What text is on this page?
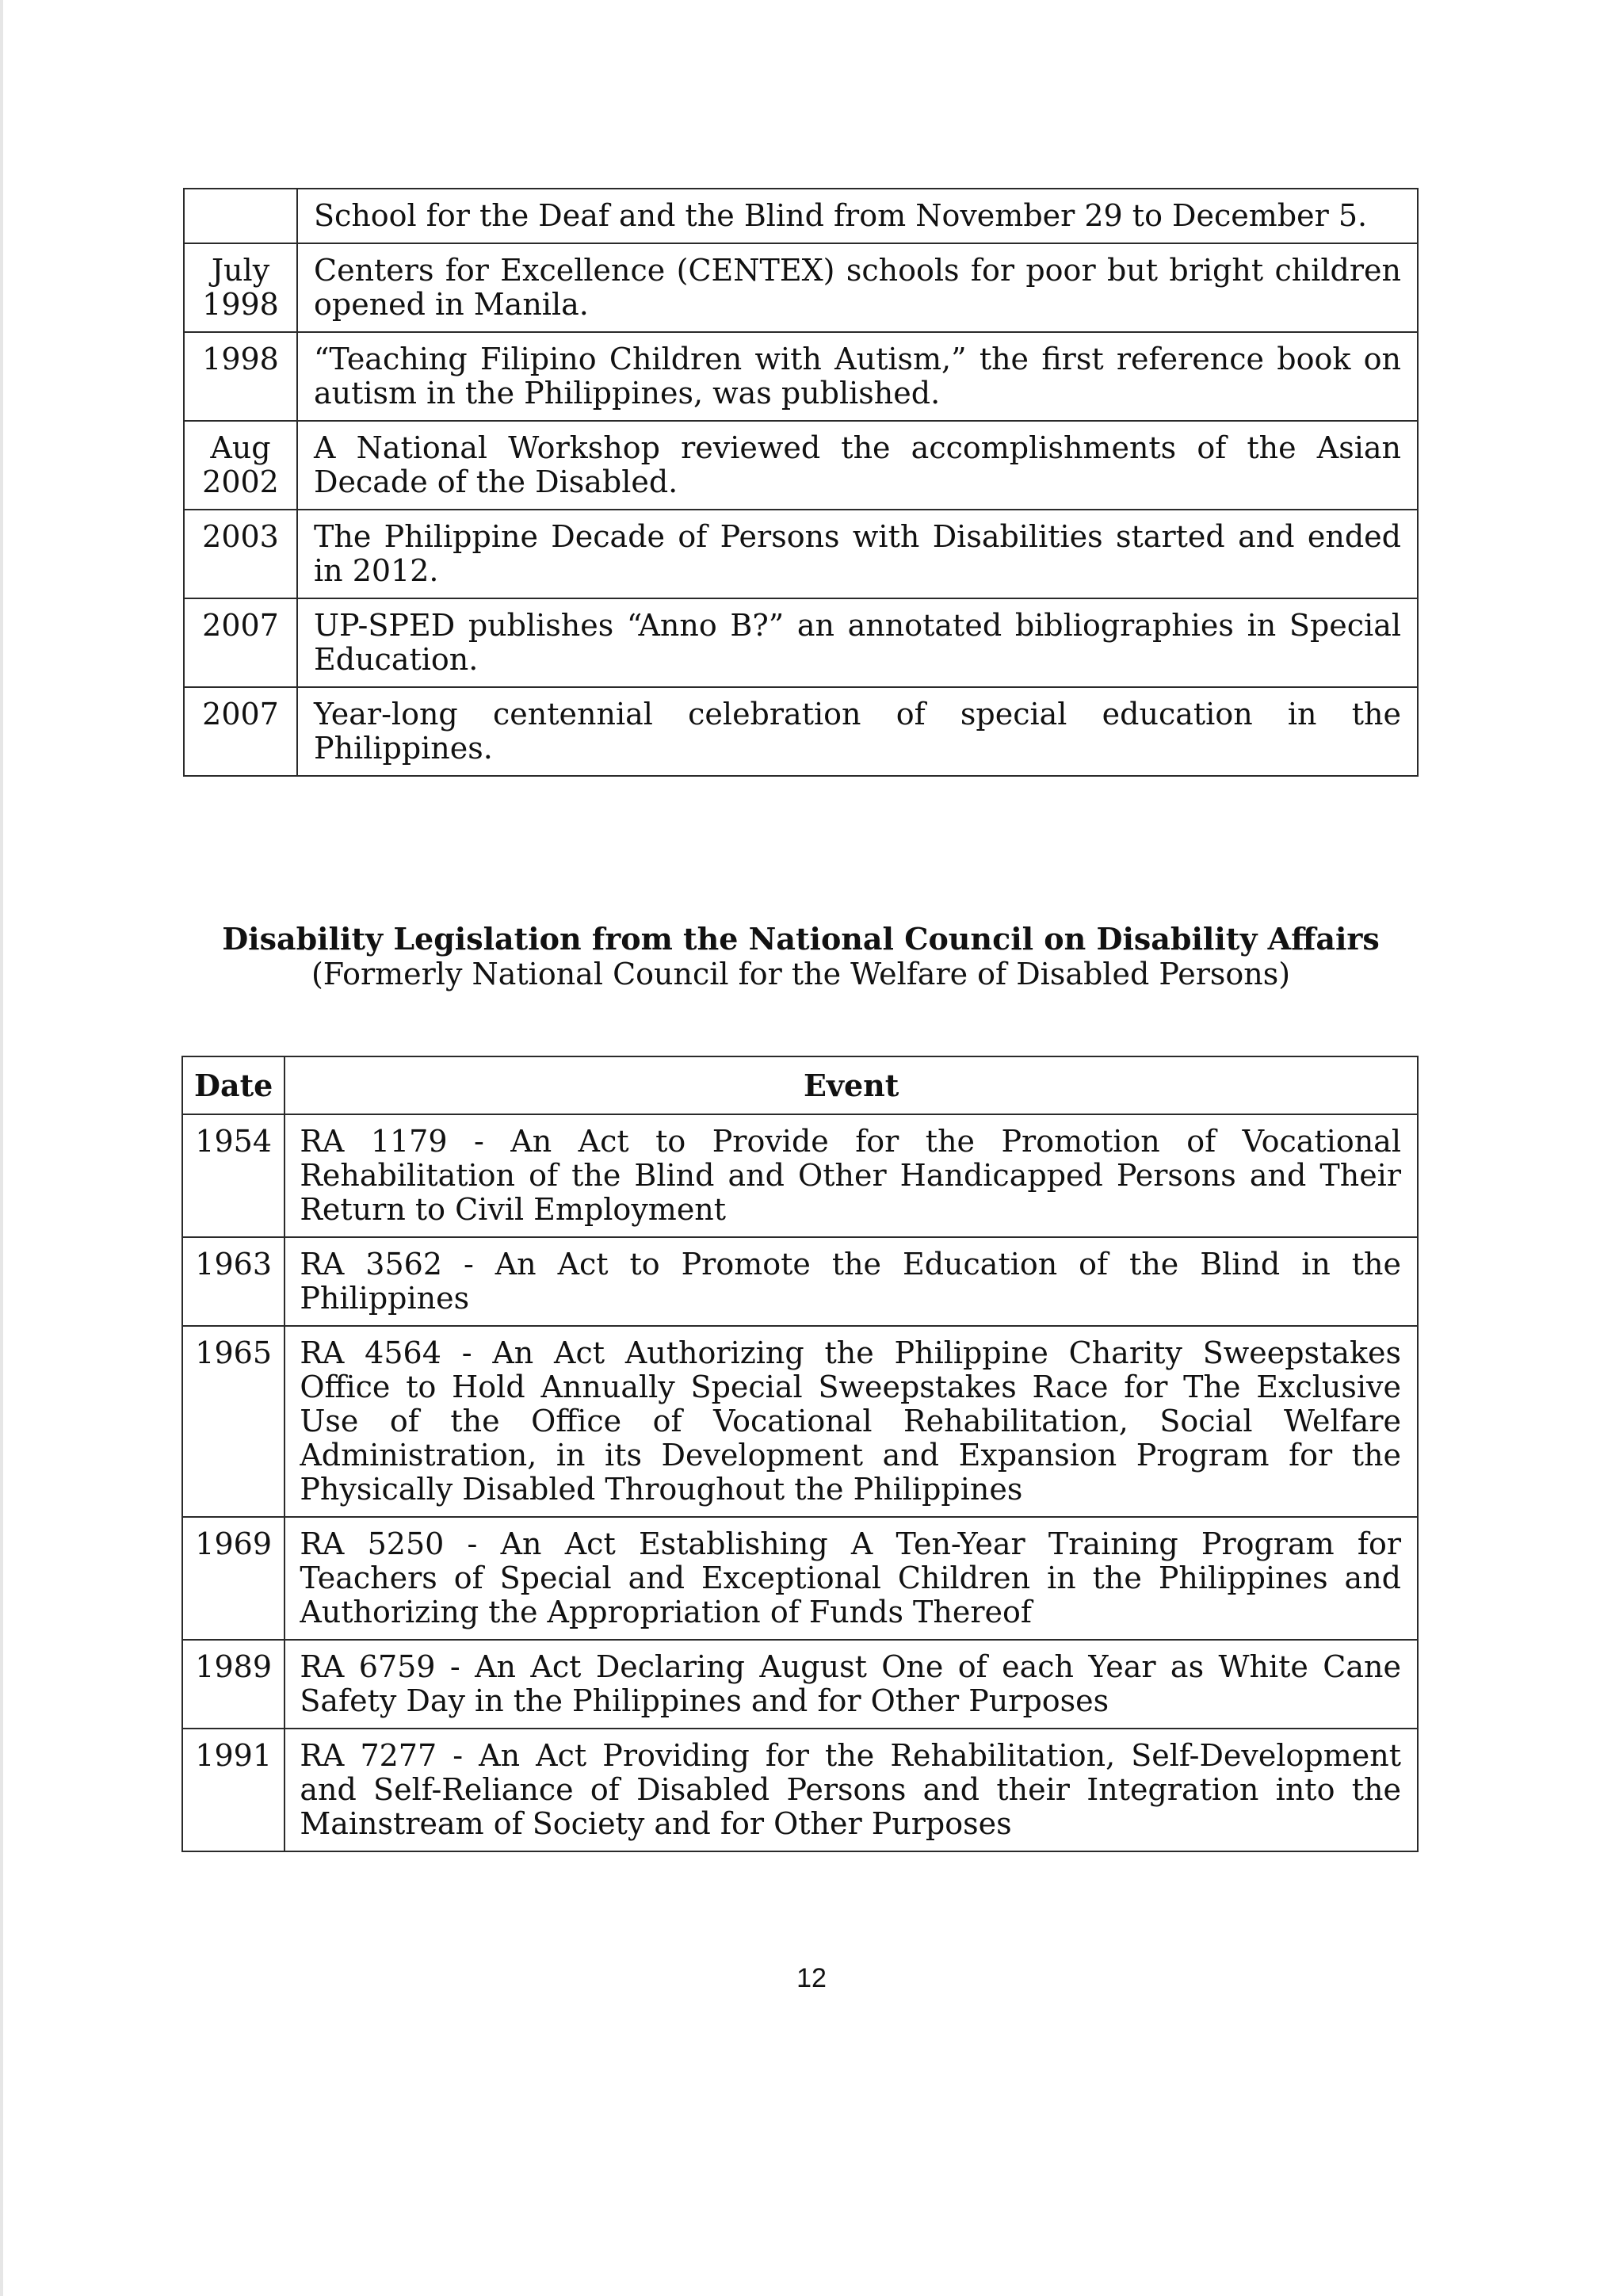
	School for the Deaf and the Blind from November 29 to December 5.
July
1998	Centers for Excellence (CENTEX) schools for poor but bright children opened in Manila.
1998	“Teaching Filipino Children with Autism,” the first reference book on autism in the Philippines, was published.
Aug
2002	A National Workshop reviewed the accomplishments of the Asian Decade of the Disabled.
2003	The Philippine Decade of Persons with Disabilities started and ended in 2012.
2007	UP-SPED publishes “Anno B?” an annotated bibliographies in Special Education.
2007	Year-long centennial celebration of special education in the Philippines.
Disability Legislation from the National Council on Disability Affairs
(Formerly National Council for the Welfare of Disabled Persons)
Date	Event
1954	RA 1179 - An Act to Provide for the Promotion of Vocational Rehabilitation of the Blind and Other Handicapped Persons and Their Return to Civil Employment
1963	RA 3562 - An Act to Promote the Education of the Blind in the Philippines
1965	RA 4564 - An Act Authorizing the Philippine Charity Sweepstakes Office to Hold Annually Special Sweepstakes Race for The Exclusive Use of the Office of Vocational Rehabilitation, Social Welfare Administration, in its Development and Expansion Program for the Physically Disabled Throughout the Philippines
1969	RA 5250 - An Act Establishing A Ten-Year Training Program for Teachers of Special and Exceptional Children in the Philippines and Authorizing the Appropriation of Funds Thereof
1989	RA 6759 - An Act Declaring August One of each Year as White Cane Safety Day in the Philippines and for Other Purposes
1991	RA 7277 - An Act Providing for the Rehabilitation, Self-Development and Self-Reliance of Disabled Persons and their Integration into the Mainstream of Society and for Other Purposes
12
